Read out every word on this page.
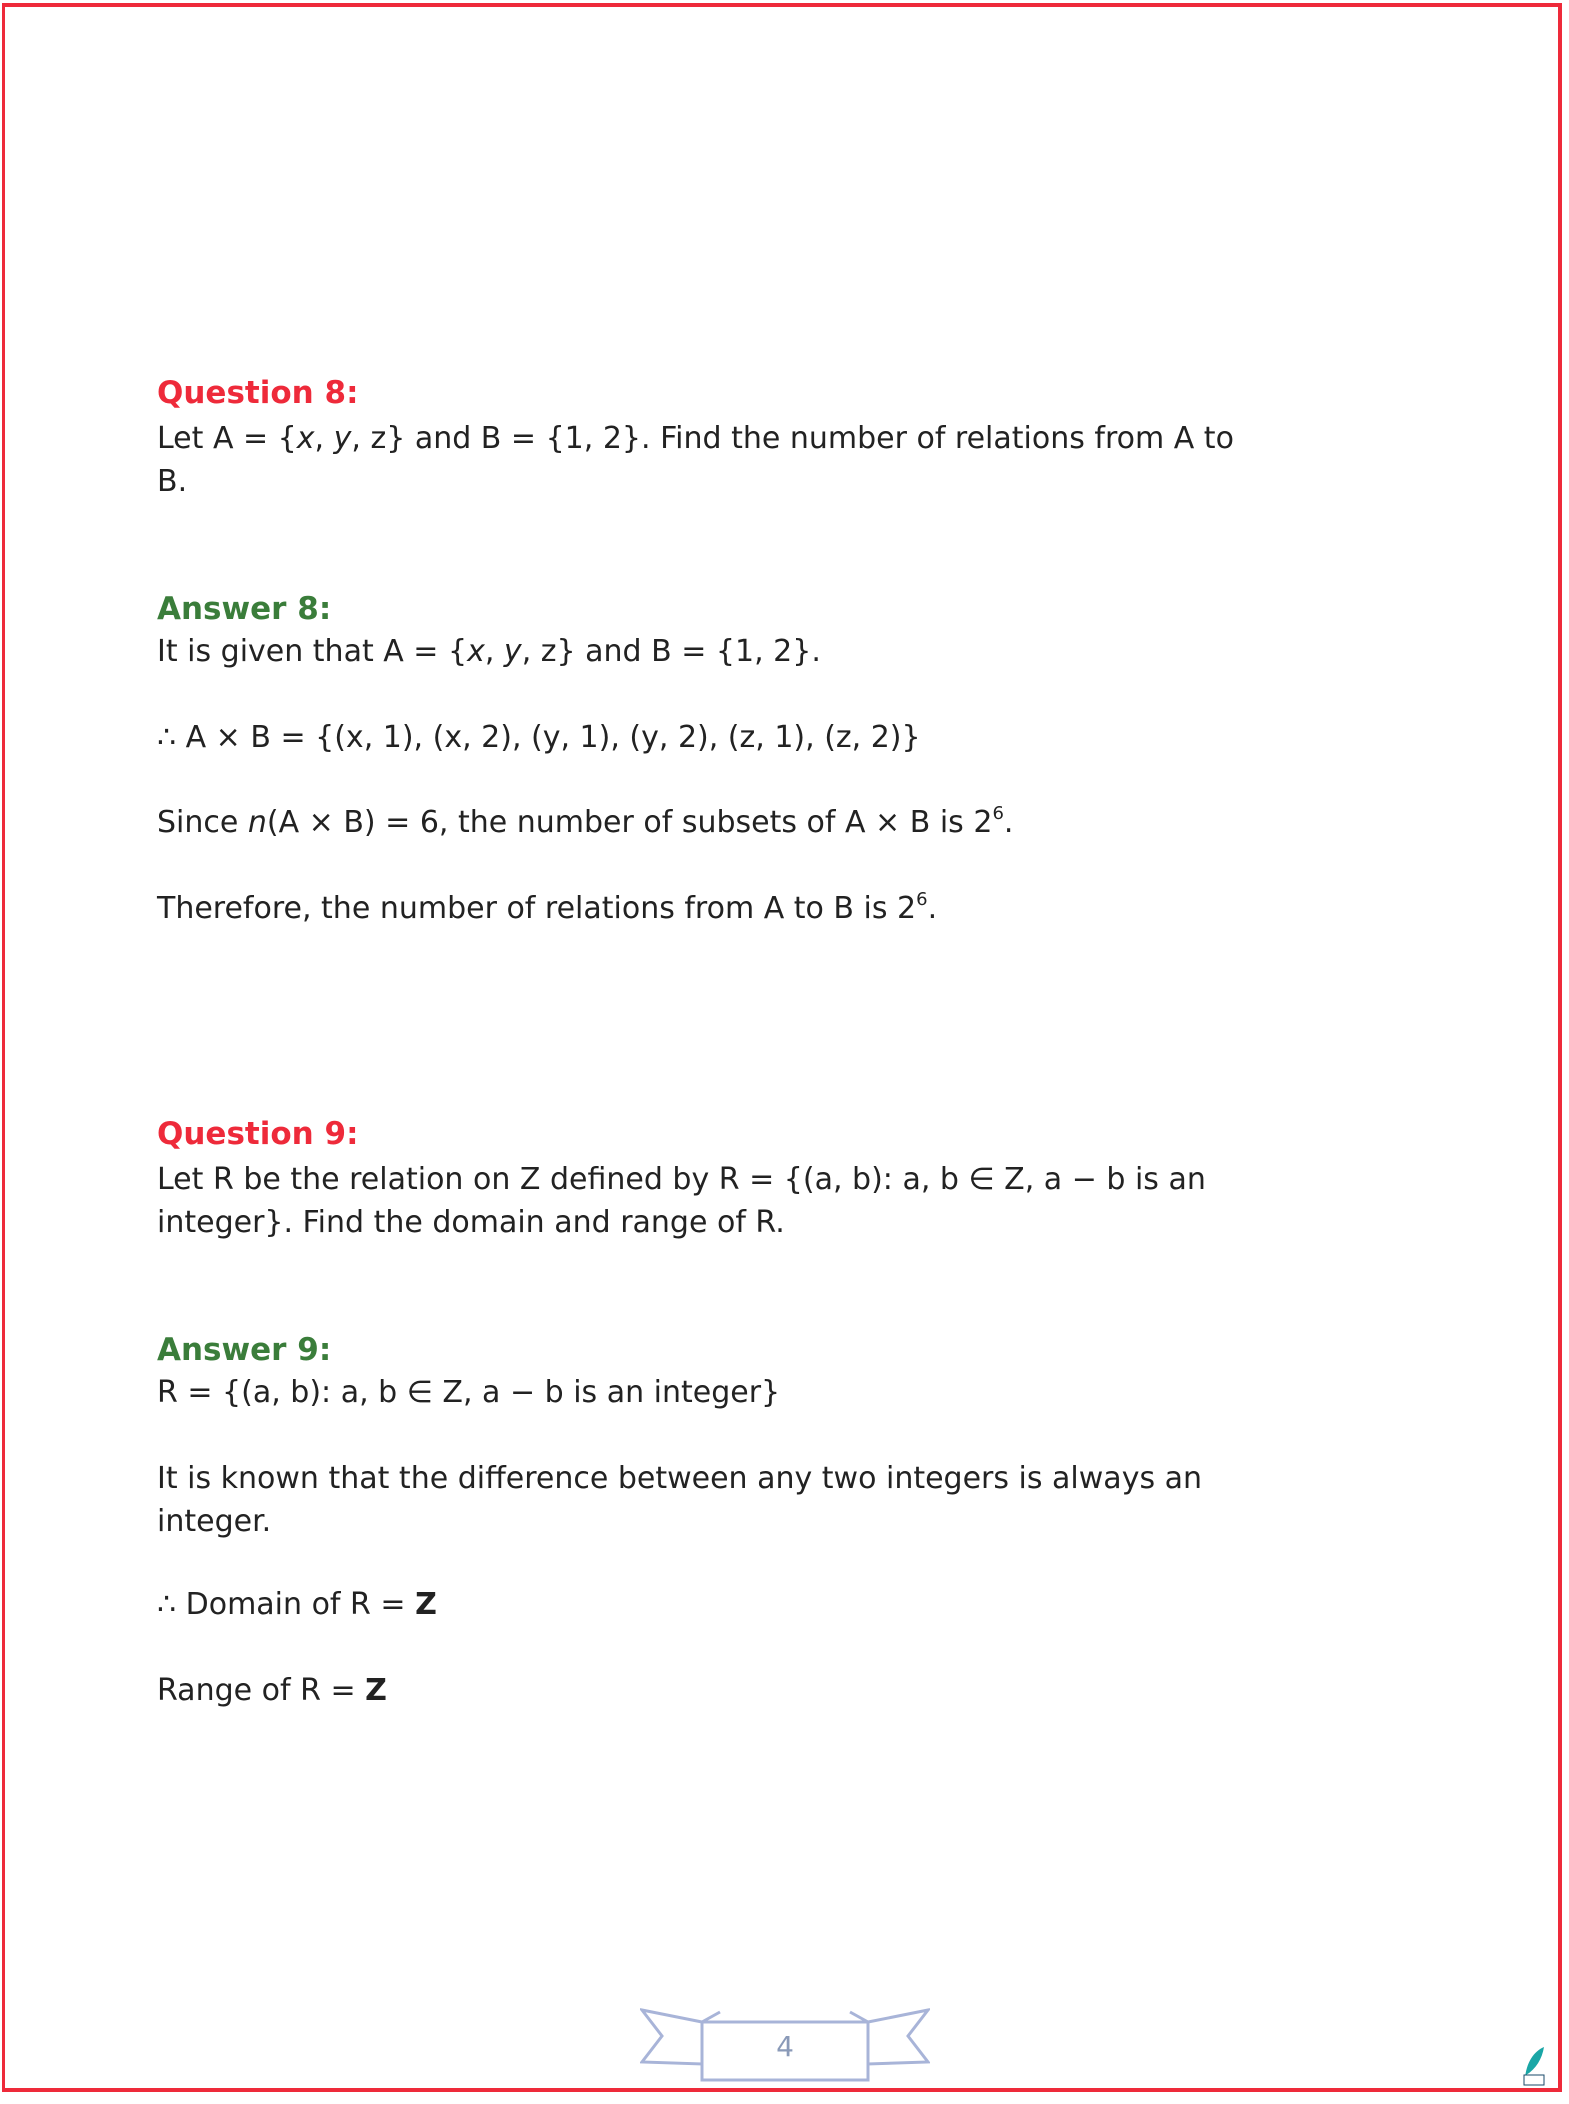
Question 8:
Let A = {x, y, z} and B = {1, 2}. Find the number of relations from A to
B.
Answer 8:
It is given that A = {x, y, z} and B = {1, 2}.
∴ A × B = {(x, 1), (x, 2), (y, 1), (y, 2), (z, 1), (z, 2)}
Since n(A × B) = 6, the number of subsets of A × B is $2^6$.
Therefore, the number of relations from A to B is $2^6$.
Question 9:
Let R be the relation on Z defined by R = {(a, b): a, b ∈ Z, a − b is an
integer}. Find the domain and range of R.
Answer 9:
R = {(a, b): a, b ∈ Z, a − b is an integer}
It is known that the difference between any two integers is always an
integer.
∴ Domain of R = Z
Range of R = Z
4
